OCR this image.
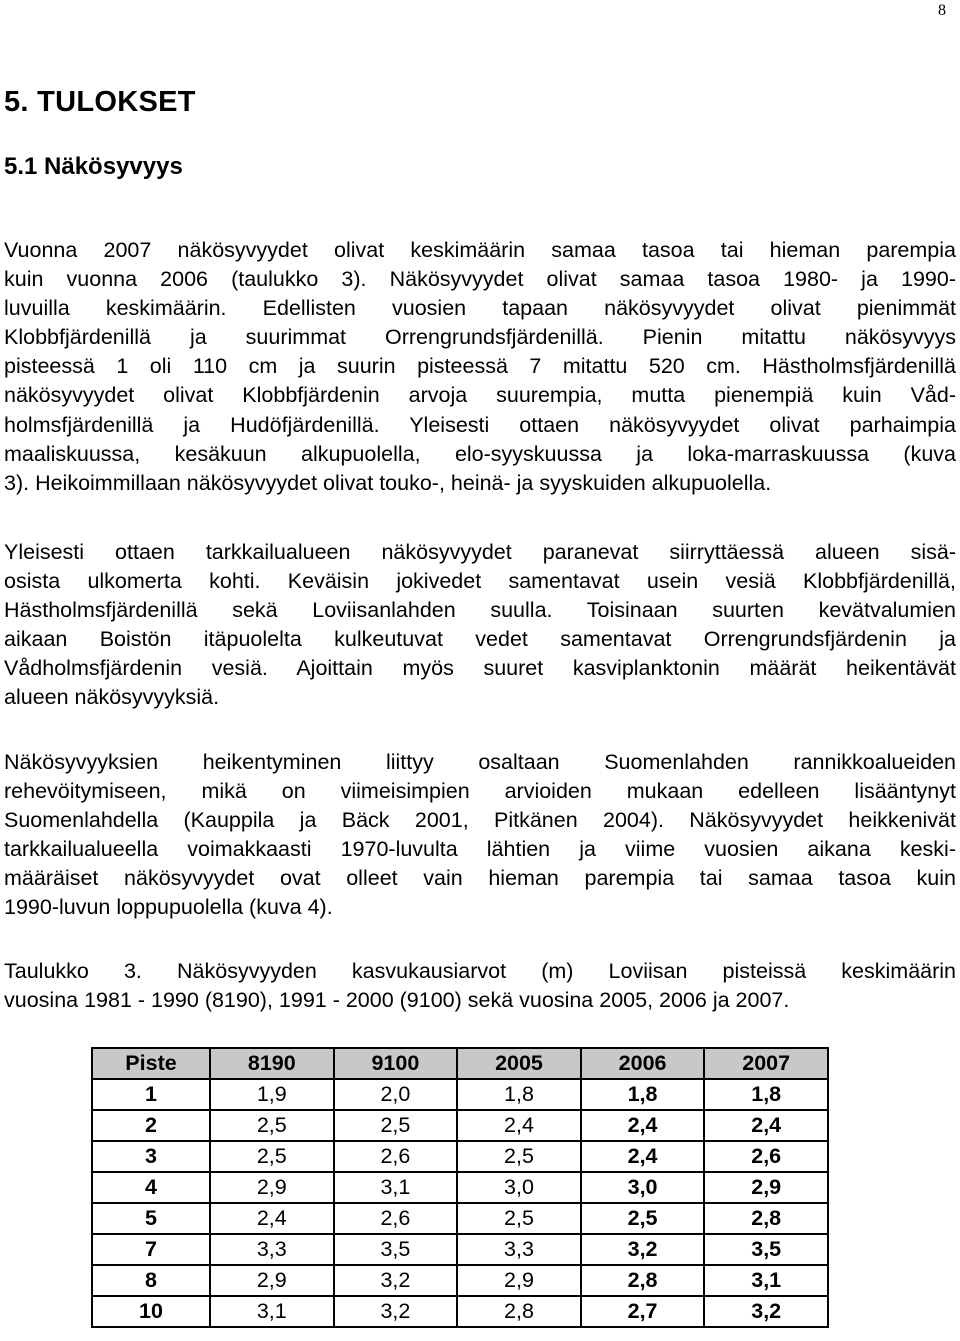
8
5. TULOKSET
5.1 Näkösyvyys
Vuonna 2007 näkösyvyydet olivat keskimäärin samaa tasoa tai hieman parempia
kuin vuonna 2006 (taulukko 3). Näkösyvyydet olivat samaa tasoa 1980- ja 1990-
luvuilla keskimäärin. Edellisten vuosien tapaan näkösyvyydet olivat pienimmät
Klobbfjärdenillä ja suurimmat Orrengrundsfjärdenillä. Pienin mitattu näkösyvyys
pisteessä 1 oli 110 cm ja suurin pisteessä 7 mitattu 520 cm. Hästholmsfjärdenillä
näkösyvyydet olivat Klobbfjärdenin arvoja suurempia, mutta pienempiä kuin Våd-
holmsfjärdenillä ja Hudöfjärdenillä. Yleisesti ottaen näkösyvyydet olivat parhaimpia
maaliskuussa, kesäkuun alkupuolella, elo-syyskuussa ja loka-marraskuussa (kuva
3). Heikoimmillaan näkösyvyydet olivat touko-, heinä- ja syyskuiden alkupuolella.
Yleisesti ottaen tarkkailualueen näkösyvyydet paranevat siirryttäessä alueen sisä-
osista ulkomerta kohti. Keväisin jokivedet samentavat usein vesiä Klobbfjärdenillä,
Hästholmsfjärdenillä sekä Loviisanlahden suulla. Toisinaan suurten kevätvalumien
aikaan Boistön itäpuolelta kulkeutuvat vedet samentavat Orrengrundsfjärdenin ja
Vådholmsfjärdenin vesiä. Ajoittain myös suuret kasviplanktonin määrät heikentävät
alueen näkösyvyyksiä.
Näkösyvyyksien heikentyminen liittyy osaltaan Suomenlahden rannikkoalueiden
rehevöitymiseen, mikä on viimeisimpien arvioiden mukaan edelleen lisääntynyt
Suomenlahdella (Kauppila ja Bäck 2001, Pitkänen 2004). Näkösyvyydet heikkenivät
tarkkailualueella voimakkaasti 1970-luvulta lähtien ja viime vuosien aikana keski-
määräiset näkösyvyydet ovat olleet vain hieman parempia tai samaa tasoa kuin
1990-luvun loppupuolella (kuva 4).
Taulukko 3. Näkösyvyyden kasvukausiarvot (m) Loviisan pisteissä keskimäärin
vuosina 1981 - 1990 (8190), 1991 - 2000 (9100) sekä vuosina 2005, 2006 ja 2007.
Piste	8190	9100	2005	2006	2007
1	1,9	2,0	1,8	1,8	1,8
2	2,5	2,5	2,4	2,4	2,4
3	2,5	2,6	2,5	2,4	2,6
4	2,9	3,1	3,0	3,0	2,9
5	2,4	2,6	2,5	2,5	2,8
7	3,3	3,5	3,3	3,2	3,5
8	2,9	3,2	2,9	2,8	3,1
10	3,1	3,2	2,8	2,7	3,2
